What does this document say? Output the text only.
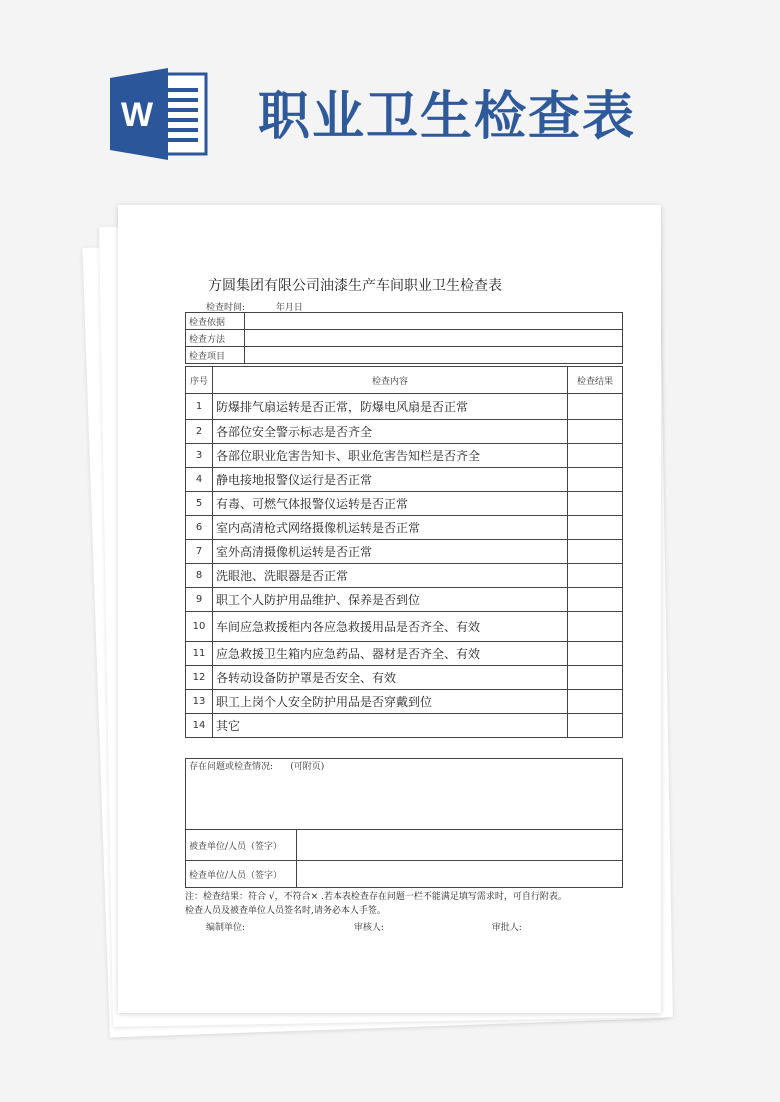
W 职业卫生检查表
方圆集团有限公司油漆生产车间职业卫生检查表
检查时间:	年月日
检查依据	
检查方法	
检查项目	
序号	检查内容	检查结果
1	防爆排气扇运转是否正常，防爆电风扇是否正常	
2	各部位安全警示标志是否齐全	
3	各部位职业危害告知卡、职业危害告知栏是否齐全	
4	静电接地报警仪运行是否正常	
5	有毒、可燃气体报警仪运转是否正常	
6	室内高清枪式网络摄像机运转是否正常	
7	室外高清摄像机运转是否正常	
8	洗眼池、洗眼器是否正常	
9	职工个人防护用品维护、保养是否到位	
10	车间应急救援柜内各应急救援用品是否齐全、有效	
11	应急救援卫生箱内应急药品、器材是否齐全、有效	
12	各转动设备防护罩是否安全、有效	
13	职工上岗个人安全防护用品是否穿戴到位	
14	其它	
存在问题或检查情况: (可附页)	
被查单位/人员（签字）	
检查单位/人员（签字）	
注：检查结果：符合 √，不符合× .若本表检查存在问题一栏不能满足填写需求时，可自行附表。
检查人员及被查单位人员签名时,请务必本人手签。
编制单位:	审核人:	审批人:
